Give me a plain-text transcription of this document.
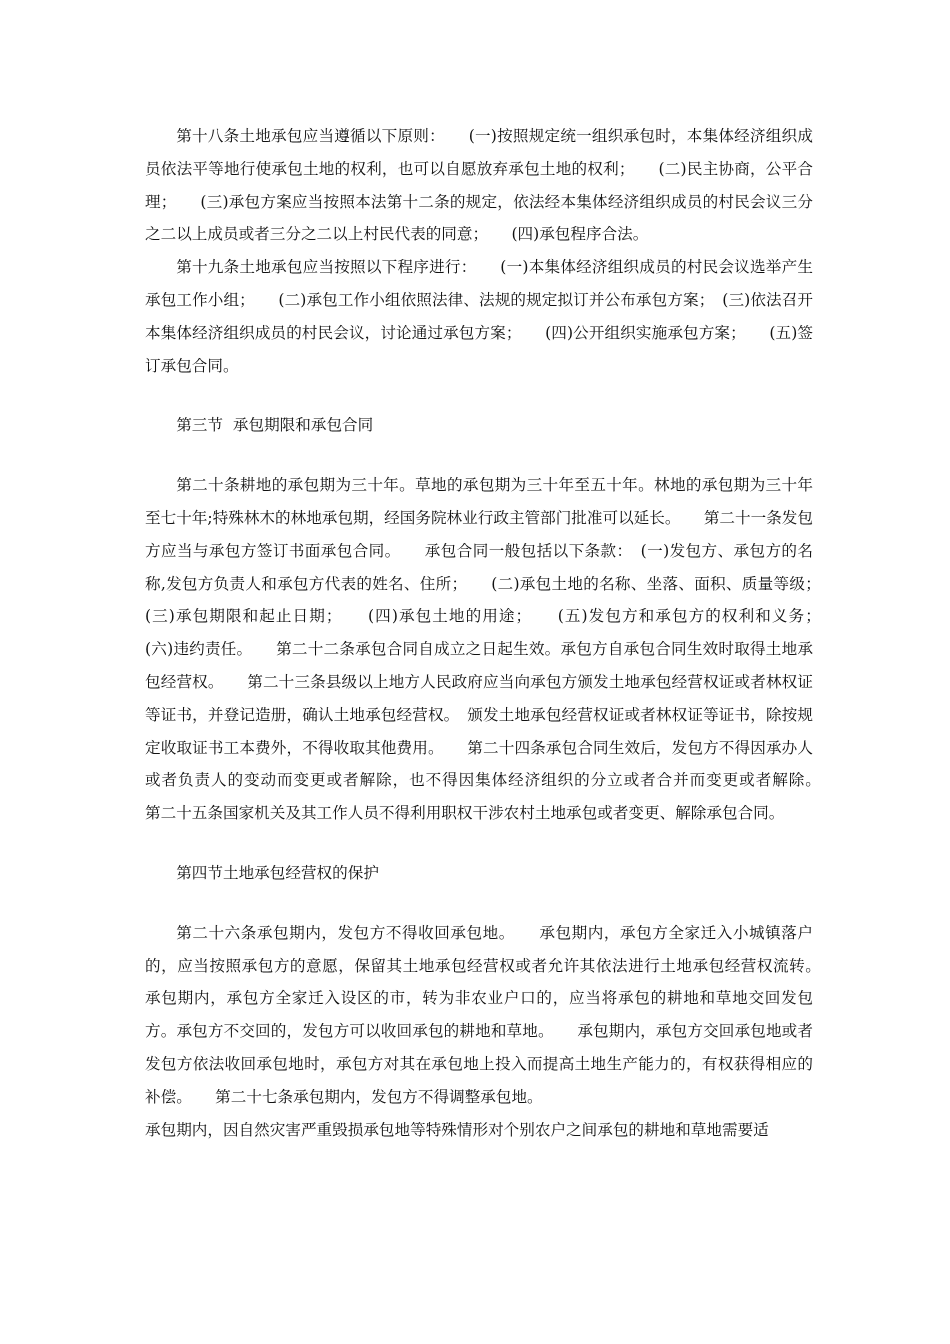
第十八条土地承包应当遵循以下原则：　　(一)按照规定统一组织承包时，本集体经济组织成员依法平等地行使承包土地的权利，也可以自愿放弃承包土地的权利；　　(二)民主协商，公平合理；　　(三)承包方案应当按照本法第十二条的规定，依法经本集体经济组织成员的村民会议三分之二以上成员或者三分之二以上村民代表的同意；　　(四)承包程序合法。

第十九条土地承包应当按照以下程序进行：　　(一)本集体经济组织成员的村民会议选举产生承包工作小组；　　(二)承包工作小组依照法律、法规的规定拟订并公布承包方案；　(三)依法召开本集体经济组织成员的村民会议，讨论通过承包方案；　　(四)公开组织实施承包方案；　　(五)签订承包合同。

第三节  承包期限和承包合同

第二十条耕地的承包期为三十年。草地的承包期为三十年至五十年。林地的承包期为三十年至七十年;特殊林木的林地承包期，经国务院林业行政主管部门批准可以延长。　　第二十一条发包方应当与承包方签订书面承包合同。　　承包合同一般包括以下条款：　(一)发包方、承包方的名称,发包方负责人和承包方代表的姓名、住所；　　(二)承包土地的名称、坐落、面积、质量等级；　　(三)承包期限和起止日期；　　(四)承包土地的用途；　　(五)发包方和承包方的权利和义务；　　(六)违约责任。　　第二十二条承包合同自成立之日起生效。承包方自承包合同生效时取得土地承包经营权。　　第二十三条县级以上地方人民政府应当向承包方颁发土地承包经营权证或者林权证等证书，并登记造册，确认土地承包经营权。　颁发土地承包经营权证或者林权证等证书，除按规定收取证书工本费外，不得收取其他费用。　　第二十四条承包合同生效后，发包方不得因承办人或者负责人的变动而变更或者解除，也不得因集体经济组织的分立或者合并而变更或者解除。　　第二十五条国家机关及其工作人员不得利用职权干涉农村土地承包或者变更、解除承包合同。

第四节土地承包经营权的保护

第二十六条承包期内，发包方不得收回承包地。　　承包期内，承包方全家迁入小城镇落户的，应当按照承包方的意愿，保留其土地承包经营权或者允许其依法进行土地承包经营权流转。　　承包期内，承包方全家迁入设区的市，转为非农业户口的，应当将承包的耕地和草地交回发包方。承包方不交回的，发包方可以收回承包的耕地和草地。　　承包期内，承包方交回承包地或者发包方依法收回承包地时，承包方对其在承包地上投入而提高土地生产能力的，有权获得相应的补偿。　　第二十七条承包期内，发包方不得调整承包地。

承包期内，因自然灾害严重毁损承包地等特殊情形对个别农户之间承包的耕地和草地需要适
